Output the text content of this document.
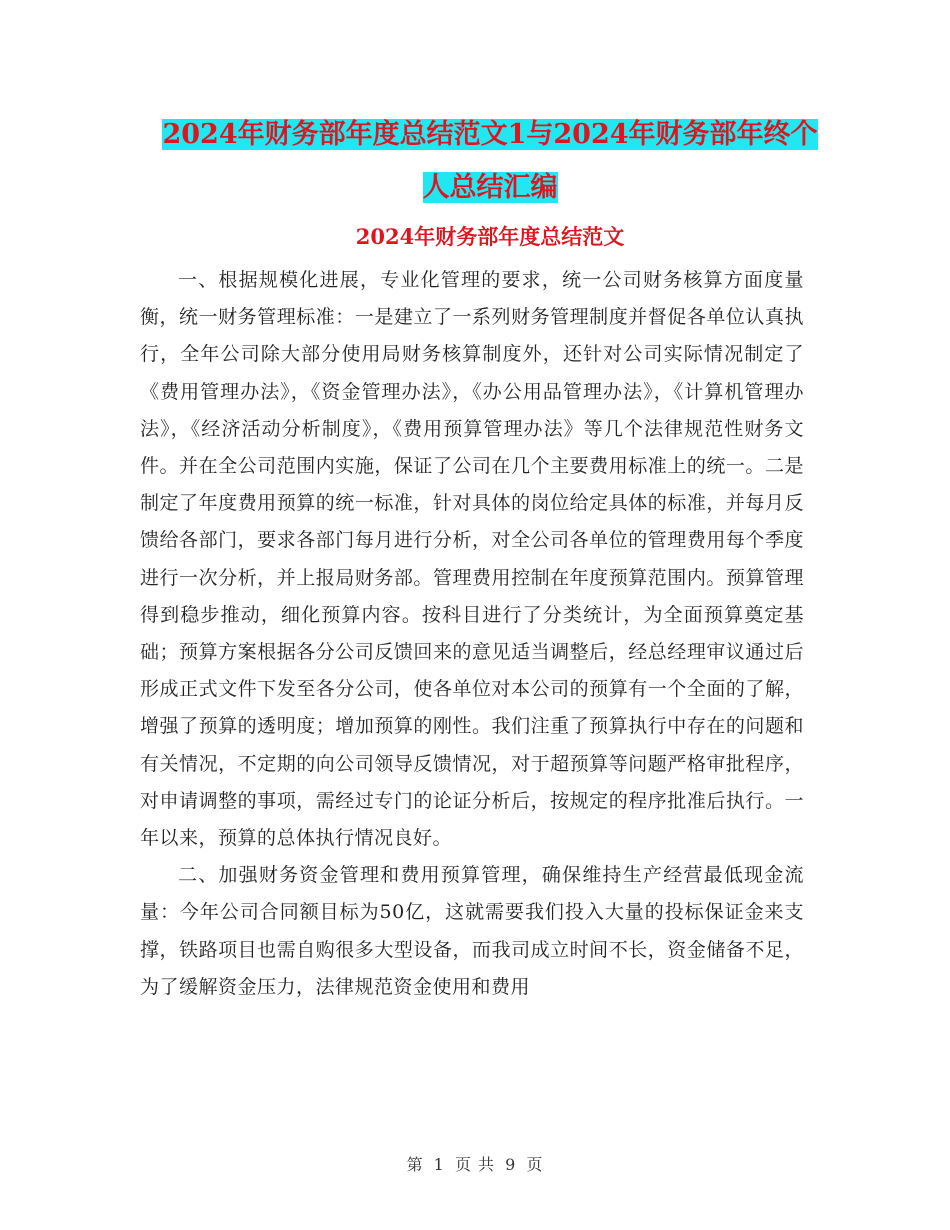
2024年财务部年度总结范文1与2024年财务部年终个
人总结汇编
2024年财务部年度总结范文

一、根据规模化进展，专业化管理的要求，统一公司财务核算方面度量衡，统一财务管理标准：一是建立了一系列财务管理制度并督促各单位认真执行，全年公司除大部分使用局财务核算制度外，还针对公司实际情况制定了《费用管理办法》，《资金管理办法》，《办公用品管理办法》，《计算机管理办法》，《经济活动分析制度》，《费用预算管理办法》等几个法律规范性财务文件。并在全公司范围内实施，保证了公司在几个主要费用标准上的统一。二是制定了年度费用预算的统一标准，针对具体的岗位给定具体的标准，并每月反馈给各部门，要求各部门每月进行分析，对全公司各单位的管理费用每个季度进行一次分析，并上报局财务部。管理费用控制在年度预算范围内。预算管理得到稳步推动，细化预算内容。按科目进行了分类统计，为全面预算奠定基础；预算方案根据各分公司反馈回来的意见适当调整后，经总经理审议通过后形成正式文件下发至各分公司，使各单位对本公司的预算有一个全面的了解，增强了预算的透明度；增加预算的刚性。我们注重了预算执行中存在的问题和有关情况，不定期的向公司领导反馈情况，对于超预算等问题严格审批程序，对申请调整的事项，需经过专门的论证分析后，按规定的程序批准后执行。一年以来，预算的总体执行情况良好。

二、加强财务资金管理和费用预算管理，确保维持生产经营最低现金流量：今年公司合同额目标为50亿，这就需要我们投入大量的投标保证金来支撑，铁路项目也需自购很多大型设备，而我司成立时间不长，资金储备不足，为了缓解资金压力，法律规范资金使用和费用

第 1 页 共 9 页
